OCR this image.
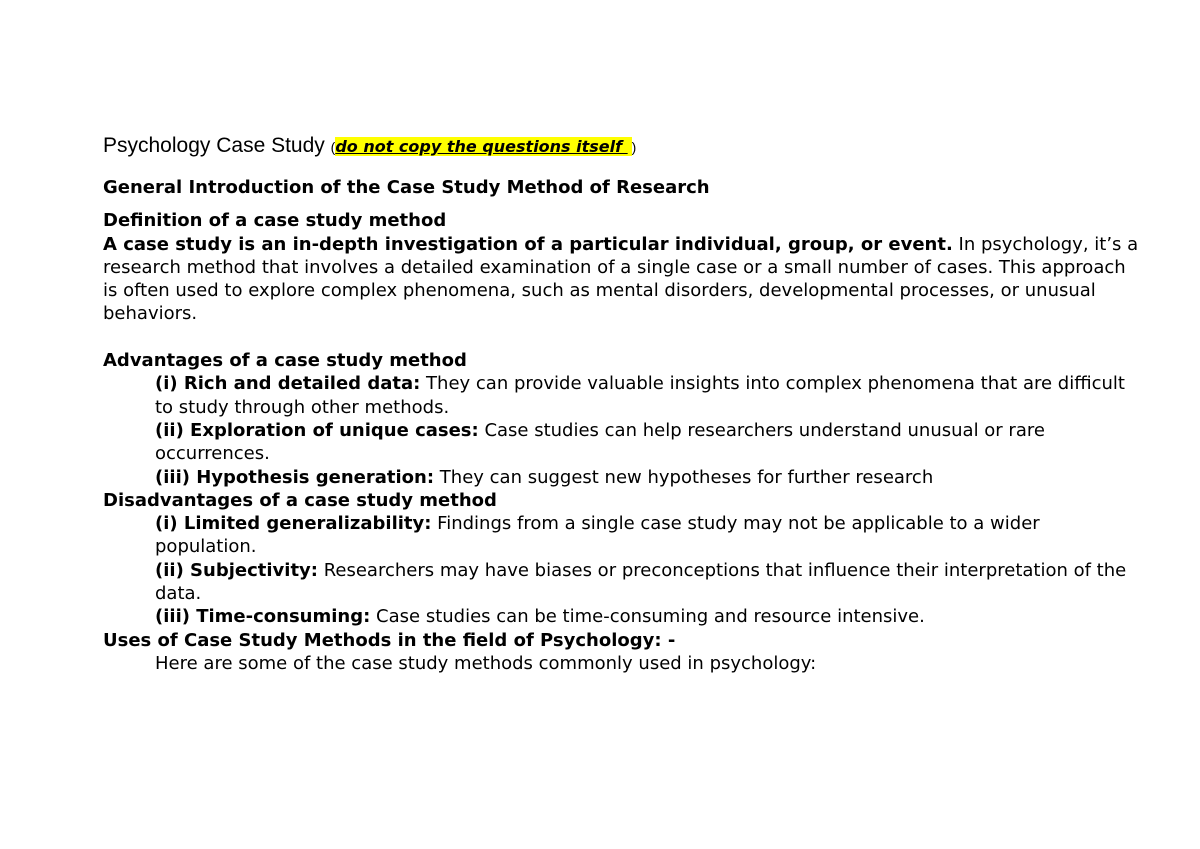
Psychology Case Study (do not copy the questions itself )

General Introduction of the Case Study Method of Research

Definition of a case study method

A case study is an in-depth investigation of a particular individual, group, or event. In psychology, it’s a research method that involves a detailed examination of a single case or a small number of cases. This approach is often used to explore complex phenomena, such as mental disorders, developmental processes, or unusual behaviors.

Advantages of a case study method

(i) Rich and detailed data: They can provide valuable insights into complex phenomena that are difficult to study through other methods.

(ii) Exploration of unique cases: Case studies can help researchers understand unusual or rare occurrences.

(iii) Hypothesis generation: They can suggest new hypotheses for further research

Disadvantages of a case study method

(i) Limited generalizability: Findings from a single case study may not be applicable to a wider population.

(ii) Subjectivity: Researchers may have biases or preconceptions that influence their interpretation of the data.

(iii) Time-consuming: Case studies can be time-consuming and resource intensive.

Uses of Case Study Methods in the field of Psychology: -

Here are some of the case study methods commonly used in psychology:
